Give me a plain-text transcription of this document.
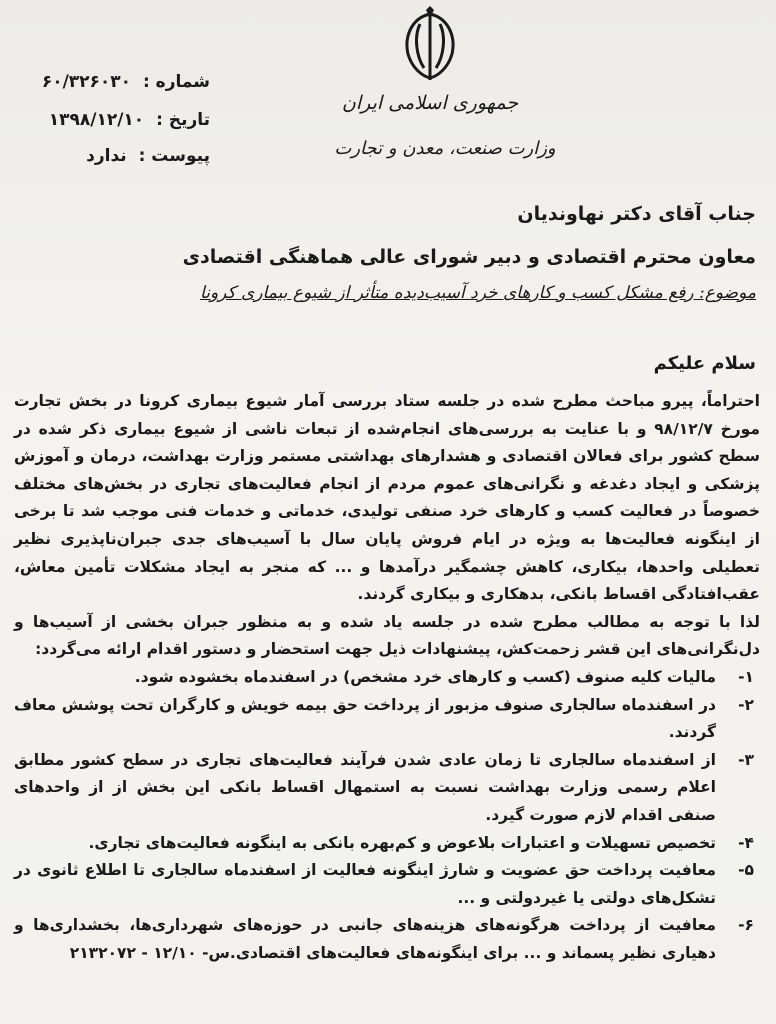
جمهوری اسلامی ایران
وزارت صنعت، معدن و تجارت
شماره : ۶۰/۳۲۶۰۳۰
تاریخ : ۱۳۹۸/۱۲/۱۰
پیوست : ندارد
جناب آقای دکتر نهاوندیان
معاون محترم اقتصادی و دبیر شورای عالی هماهنگی اقتصادی
موضوع: رفع مشکل کسب و کارهای خرد آسیب‌دیده متأثر از شیوع بیماری کرونا
سلام علیکم

احتراماً، پیرو مباحث مطرح شده در جلسه ستاد بررسی آمار شیوع بیماری کرونا در بخش تجارت مورخ ۹۸/۱۲/۷ و با عنایت به بررسی‌های انجام‌شده از تبعات ناشی از شیوع بیماری ذکر شده در سطح کشور برای فعالان اقتصادی و هشدارهای بهداشتی مستمر وزارت بهداشت، درمان و آموزش پزشکی و ایجاد دغدغه و نگرانی‌های عموم مردم از انجام فعالیت‌های تجاری در بخش‌های مختلف خصوصاً در فعالیت کسب و کارهای خرد صنفی تولیدی، خدماتی و خدمات فنی موجب شد تا برخی از اینگونه فعالیت‌ها به ویژه در ایام فروش پایان سال با آسیب‌های جدی جبران‌ناپذیری نظیر تعطیلی واحدها، بیکاری، کاهش چشمگیر درآمدها و ... که منجر به ایجاد مشکلات تأمین معاش، عقب‌افتادگی اقساط بانکی، بدهکاری و بیکاری گردند.

لذا با توجه به مطالب مطرح شده در جلسه یاد شده و به منظور جبران بخشی از آسیب‌ها و دل‌نگرانی‌های این قشر زحمت‌کش، پیشنهادات ذیل جهت استحضار و دستور اقدام ارائه می‌گردد:

۱-
مالیات کلیه صنوف (کسب و کارهای خرد مشخص) در اسفندماه بخشوده شود.
۲-
در اسفندماه سالجاری صنوف مزبور از پرداخت حق بیمه خویش و کارگران تحت پوشش معاف گردند.
۳-
از اسفندماه سالجاری تا زمان عادی شدن فرآیند فعالیت‌های تجاری در سطح کشور مطابق اعلام رسمی وزارت بهداشت نسبت به استمهال اقساط بانکی این بخش از از واحدهای صنفی اقدام لازم صورت گیرد.
۴-
تخصیص تسهیلات و اعتبارات بلاعوض و کم‌بهره بانکی به اینگونه فعالیت‌های تجاری.
۵-
معافیت پرداخت حق عضویت و شارژ اینگونه فعالیت از اسفندماه سالجاری تا اطلاع ثانوی در تشکل‌های دولتی یا غیردولتی و ...
۶-
معافیت از پرداخت هرگونه‌های هزینه‌های جانبی در حوزه‌های شهرداری‌ها، بخشداری‌ها و دهیاری نظیر پسماند و ... برای اینگونه‌های فعالیت‌های اقتصادی.س- ۱۲/۱۰ - ۲۱۳۲۰۷۲
